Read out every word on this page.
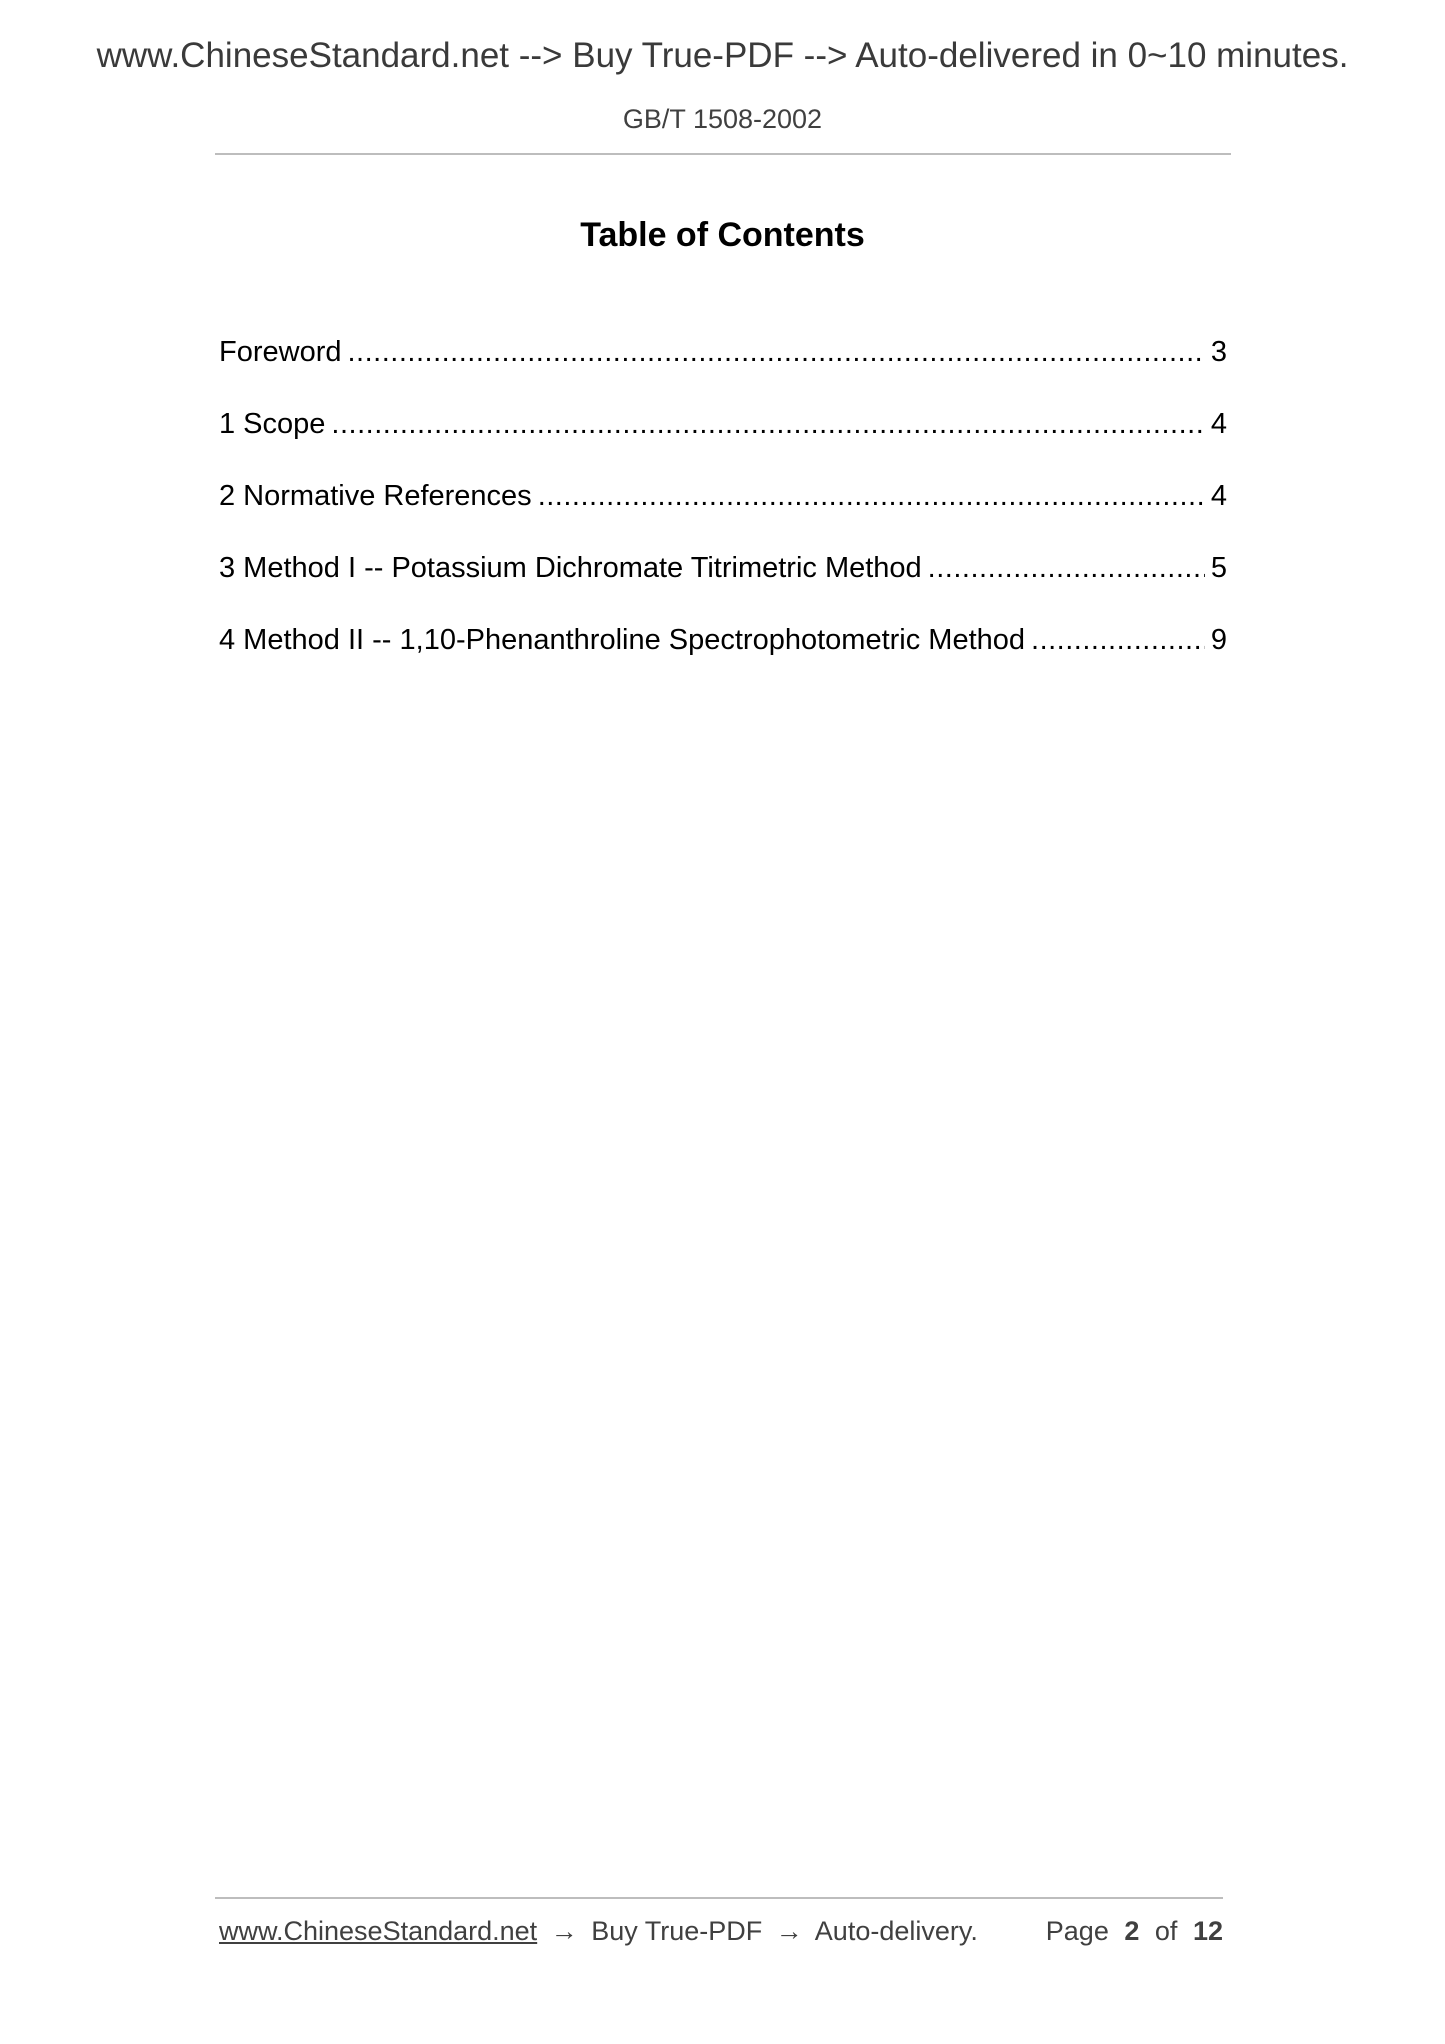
www.ChineseStandard.net --> Buy True-PDF --> Auto-delivered in 0~10 minutes.
GB/T 1508-2002
Table of Contents
Foreword .....	3
1 Scope .....	4
2 Normative References .....	4
3 Method I -- Potassium Dichromate Titrimetric Method .....	5
4 Method II -- 1,10-Phenanthroline Spectrophotometric Method .....	9
www.ChineseStandard.net → Buy True-PDF → Auto-delivery.	Page 2 of 12
